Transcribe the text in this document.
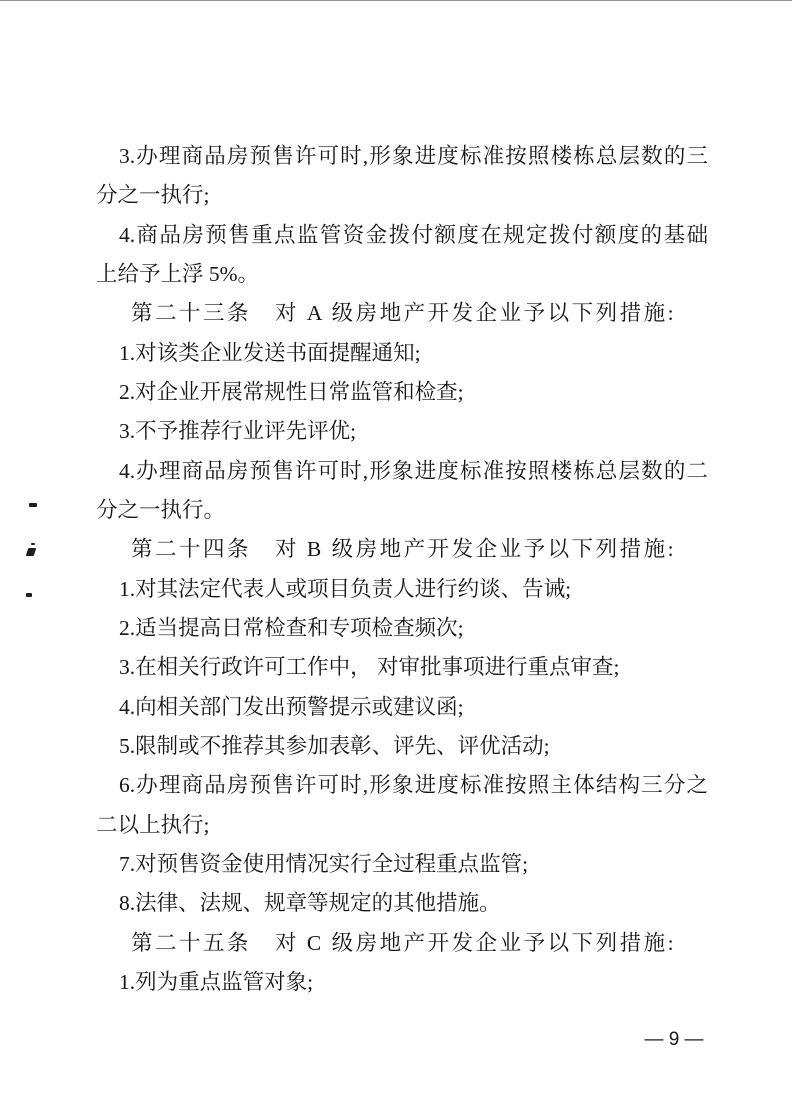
3.办理商品房预售许可时,形象进度标准按照楼栋总层数的三
分之一执行;
4.商品房预售重点监管资金拨付额度在规定拨付额度的基础
上给予上浮 5%。
第二十三条　对 A 级房地产开发企业予以下列措施:
1.对该类企业发送书面提醒通知;
2.对企业开展常规性日常监管和检查;
3.不予推荐行业评先评优;
4.办理商品房预售许可时,形象进度标准按照楼栋总层数的二
分之一执行。
第二十四条　对 B 级房地产开发企业予以下列措施:
1.对其法定代表人或项目负责人进行约谈、告诫;
2.适当提高日常检查和专项检查频次;
3.在相关行政许可工作中， 对审批事项进行重点审查;
4.向相关部门发出预警提示或建议函;
5.限制或不推荐其参加表彰、评先、评优活动;
6.办理商品房预售许可时,形象进度标准按照主体结构三分之
二以上执行;
7.对预售资金使用情况实行全过程重点监管;
8.法律、法规、规章等规定的其他措施。
第二十五条　对 C 级房地产开发企业予以下列措施:
1.列为重点监管对象;
— 9 —
